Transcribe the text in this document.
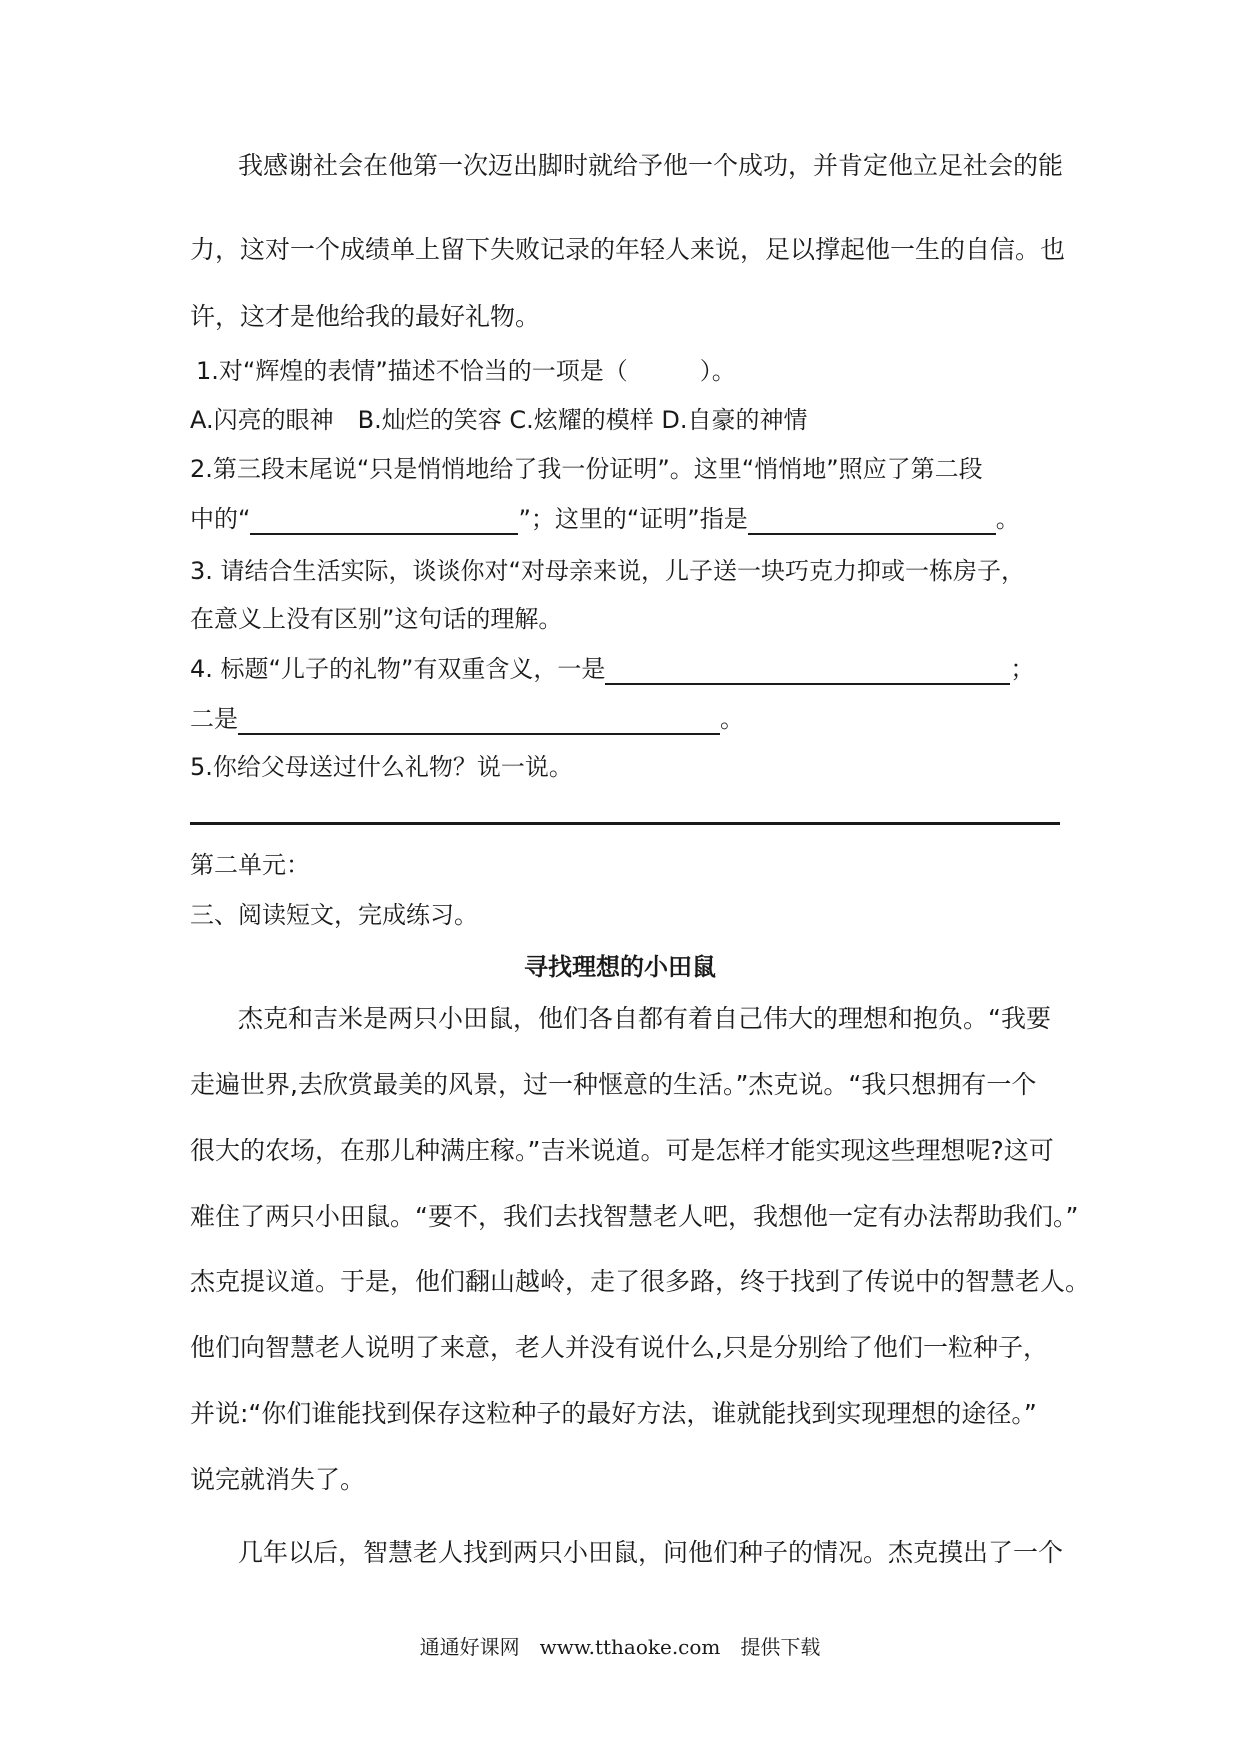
我感谢社会在他第一次迈出脚时就给予他一个成功，并肯定他立足社会的能
力，这对一个成绩单上留下失败记录的年轻人来说，足以撑起他一生的自信。也
许，这才是他给我的最好礼物。
1.对“辉煌的表情”描述不恰当的一项是（　　　）。
A.闪亮的眼神　B.灿烂的笑容 C.炫耀的模样 D.自豪的神情
2.第三段末尾说“只是悄悄地给了我一份证明”。这里“悄悄地”照应了第二段
中的“	”；这里的“证明”指是	。
3. 请结合生活实际，谈谈你对“对母亲来说，儿子送一块巧克力抑或一栋房子，
在意义上没有区别”这句话的理解。
4. 标题“儿子的礼物”有双重含义，一是	；
二是	。
5.你给父母送过什么礼物？说一说。
第二单元：
三、阅读短文，完成练习。
寻找理想的小田鼠
杰克和吉米是两只小田鼠，他们各自都有着自己伟大的理想和抱负。“我要
走遍世界,去欣赏最美的风景，过一种惬意的生活。”杰克说。“我只想拥有一个
很大的农场，在那儿种满庄稼。”吉米说道。可是怎样才能实现这些理想呢?这可
难住了两只小田鼠。“要不，我们去找智慧老人吧，我想他一定有办法帮助我们。”
杰克提议道。于是，他们翻山越岭，走了很多路，终于找到了传说中的智慧老人。
他们向智慧老人说明了来意，老人并没有说什么,只是分别给了他们一粒种子，
并说:“你们谁能找到保存这粒种子的最好方法，谁就能找到实现理想的途径。”
说完就消失了。
几年以后，智慧老人找到两只小田鼠，问他们种子的情况。杰克摸出了一个
通通好课网　www.tthaoke.com　提供下载
